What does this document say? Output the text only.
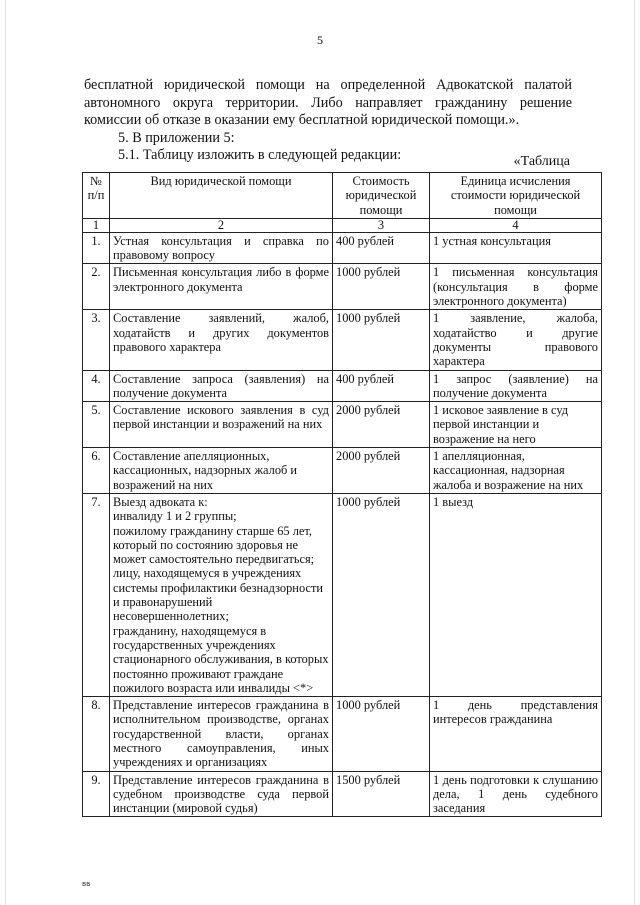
5

бесплатной юридической помощи на определенной Адвокатской палатой автономного округа территории. Либо направляет гражданину решение комиссии об отказе в оказании ему бесплатной юридической помощи.».

5. В приложении 5:

5.1. Таблицу изложить в следующей редакции:	«Таблица
№ п/п	Вид юридической помощи	Стоимость юридической помощи	Единица исчисления стоимости юридической помощи
1	2	3	4
1.	Устная консультация и справка по правовому вопросу	400 рублей	1 устная консультация
2.	Письменная консультация либо в форме электронного документа	1000 рублей	1 письменная консультация (консультация в форме электронного документа)
3.	Составление заявлений, жалоб, ходатайств и других документов правового характера	1000 рублей	1 заявление, жалоба, ходатайство и другие документы правового характера
4.	Составление запроса (заявления) на получение документа	400 рублей	1 запрос (заявление) на получение документа
5.	Составление искового заявления в суд первой инстанции и возражений на них	2000 рублей	1 исковое заявление в суд первой инстанции и возражение на него
6.	Составление апелляционных, кассационных, надзорных жалоб и возражений на них	2000 рублей	1 апелляционная, кассационная, надзорная жалоба и возражение на них
7.	Выезд адвоката к:
инвалиду 1 и 2 группы;
пожилому гражданину старше 65 лет, который по состоянию здоровья не может самостоятельно передвигаться;
лицу, находящемуся в учреждениях системы профилактики безнадзорности и правонарушений несовершеннолетних;
гражданину, находящемуся в государственных учреждениях стационарного обслуживания, в которых постоянно проживают граждане пожилого возраста или инвалиды <*>	1000 рублей	1 выезд
8.	Представление интересов гражданина в исполнительном производстве, органах государственной власти, органах местного самоуправления, иных учреждениях и организациях	1000 рублей	1 день представления интересов гражданина
9.	Представление интересов гражданина в судебном производстве суда первой инстанции (мировой судья)	1500 рублей	1 день подготовки к слушанию дела, 1 день судебного заседания
вв
